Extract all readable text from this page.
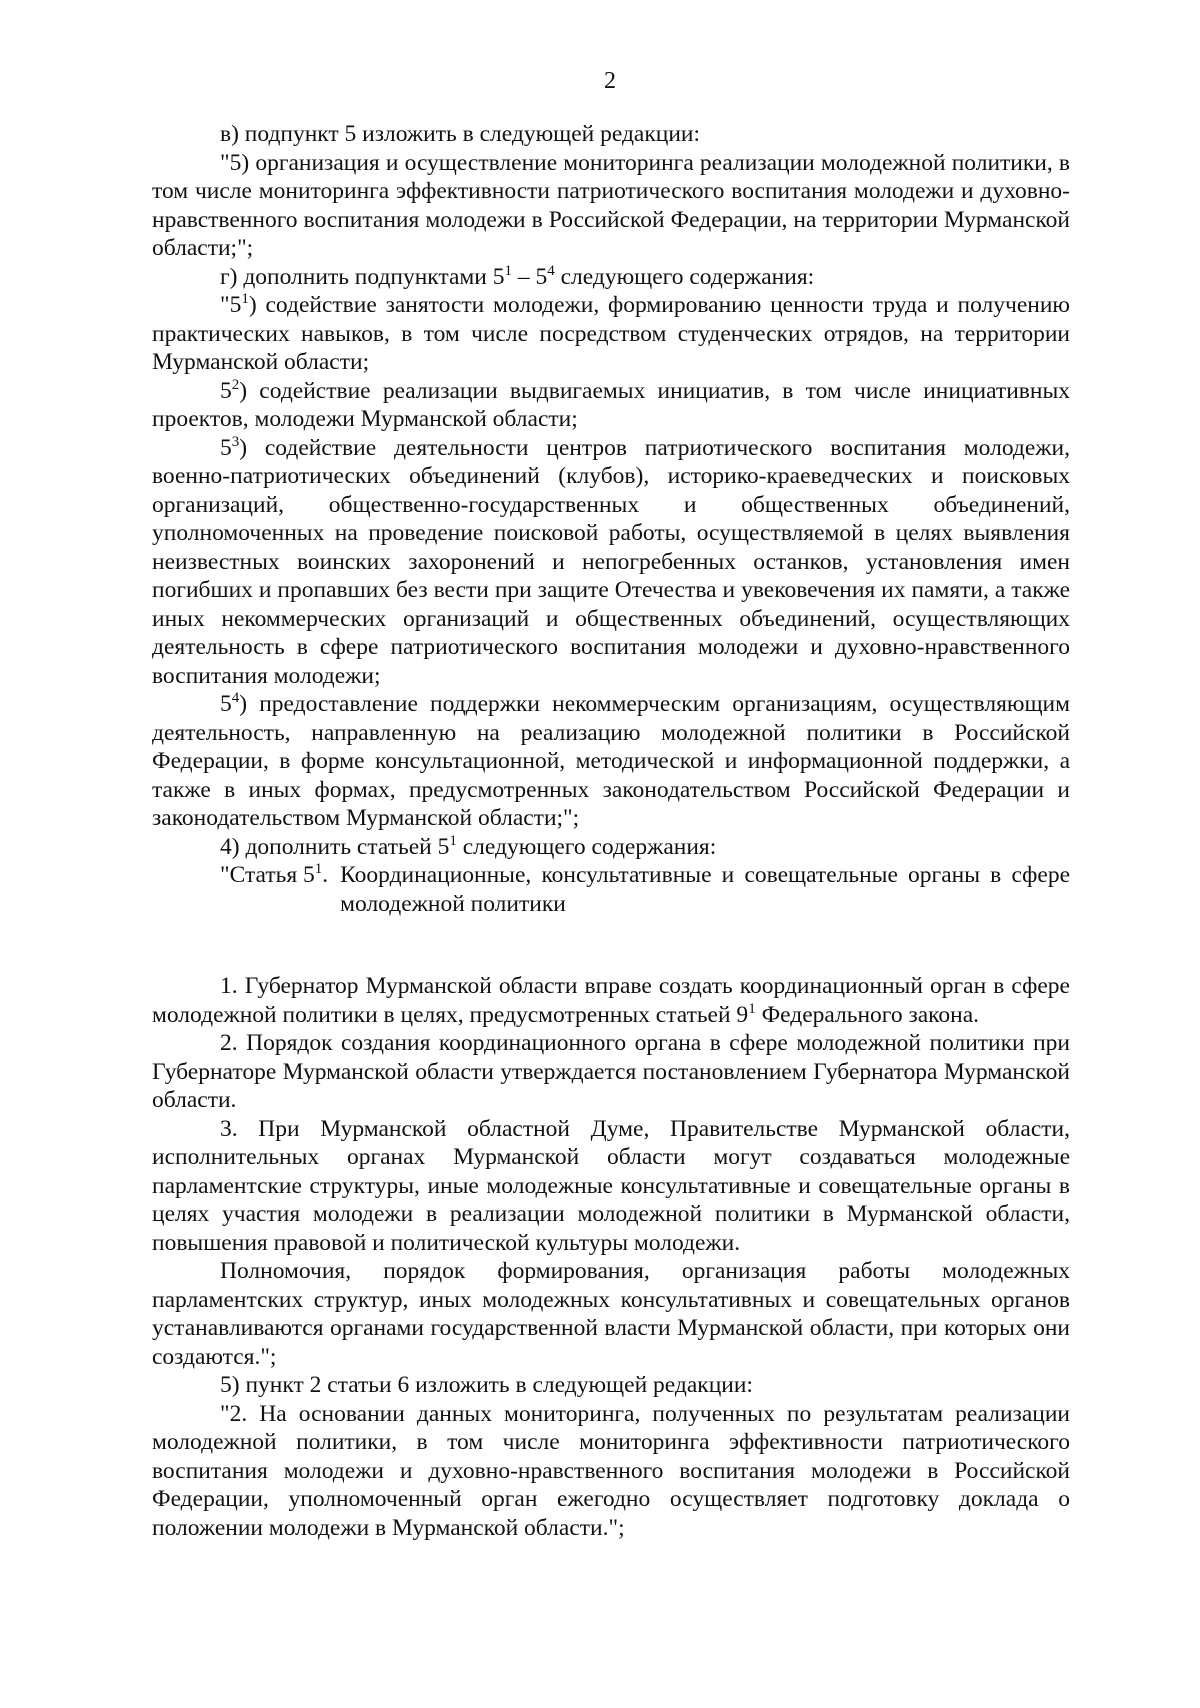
2

в) подпункт 5 изложить в следующей редакции:

"5) организация и осуществление мониторинга реализации молодежной политики, в том числе мониторинга эффективности патриотического воспитания молодежи и духовно-нравственного воспитания молодежи в Российской Федерации, на территории Мурманской области;";

г) дополнить подпунктами $5^1 - 5^4$ следующего содержания:

"$5^1$) содействие занятости молодежи, формированию ценности труда и получению практических навыков, в том числе посредством студенческих отрядов, на территории Мурманской области;

$5^2$) содействие реализации выдвигаемых инициатив, в том числе инициативных проектов, молодежи Мурманской области;

$5^3$) содействие деятельности центров патриотического воспитания молодежи, военно-патриотических объединений (клубов), историко-краеведческих и поисковых организаций, общественно-государственных и общественных объединений, уполномоченных на проведение поисковой работы, осуществляемой в целях выявления неизвестных воинских захоронений и непогребенных останков, установления имен погибших и пропавших без вести при защите Отечества и увековечения их памяти, а также иных некоммерческих организаций и общественных объединений, осуществляющих деятельность в сфере патриотического воспитания молодежи и духовно-нравственного воспитания молодежи;

$5^4$) предоставление поддержки некоммерческим организациям, осуществляющим деятельность, направленную на реализацию молодежной политики в Российской Федерации, в форме консультационной, методической и информационной поддержки, а также в иных формах, предусмотренных законодательством Российской Федерации и законодательством Мурманской области;";

4) дополнить статьей $5^1$ следующего содержания:

"Статья $5^1$. Координационные, консультативные и совещательные органы в сфере молодежной политики

1. Губернатор Мурманской области вправе создать координационный орган в сфере молодежной политики в целях, предусмотренных статьей $9^1$ Федерального закона.

2. Порядок создания координационного органа в сфере молодежной политики при Губернаторе Мурманской области утверждается постановлением Губернатора Мурманской области.

3. При Мурманской областной Думе, Правительстве Мурманской области, исполнительных органах Мурманской области могут создаваться молодежные парламентские структуры, иные молодежные консультативные и совещательные органы в целях участия молодежи в реализации молодежной политики в Мурманской области, повышения правовой и политической культуры молодежи.

Полномочия, порядок формирования, организация работы молодежных парламентских структур, иных молодежных консультативных и совещательных органов устанавливаются органами государственной власти Мурманской области, при которых они создаются.";

5) пункт 2 статьи 6 изложить в следующей редакции:

"2. На основании данных мониторинга, полученных по результатам реализации молодежной политики, в том числе мониторинга эффективности патриотического воспитания молодежи и духовно-нравственного воспитания молодежи в Российской Федерации, уполномоченный орган ежегодно осуществляет подготовку доклада о положении молодежи в Мурманской области.";
